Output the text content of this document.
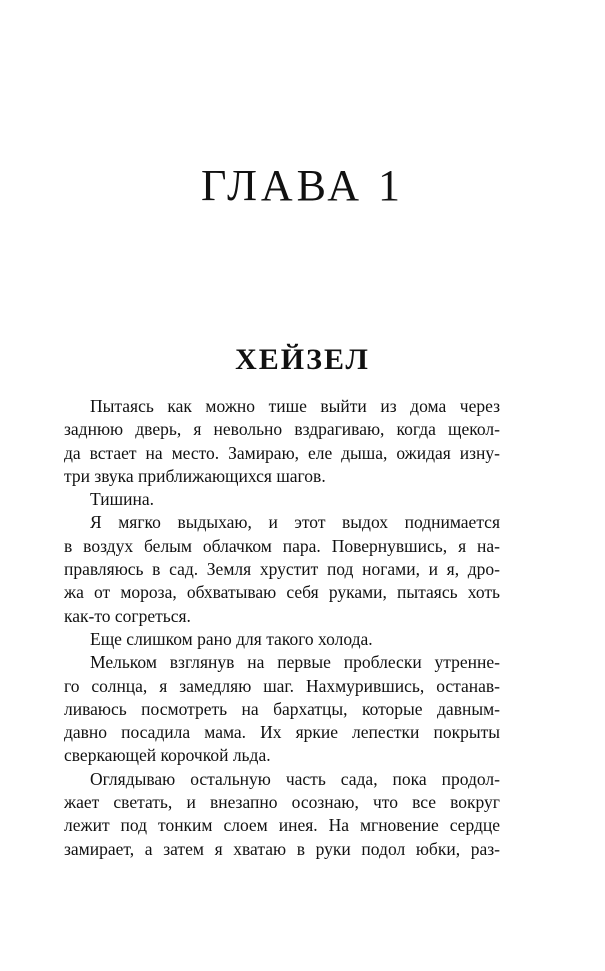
ГЛАВА 1
ХЕЙЗЕЛ

Пытаясь как можно тише выйти из дома через
заднюю дверь, я невольно вздрагиваю, когда щекол-
да встает на место. Замираю, еле дыша, ожидая изну-
три звука приближающихся шагов.

Тишина.

Я мягко выдыхаю, и этот выдох поднимается
в воздух белым облачком пара. Повернувшись, я на-
правляюсь в сад. Земля хрустит под ногами, и я, дро-
жа от мороза, обхватываю себя руками, пытаясь хоть
как-то согреться.

Еще слишком рано для такого холода.

Мельком взглянув на первые проблески утренне-
го солнца, я замедляю шаг. Нахмурившись, останав-
ливаюсь посмотреть на бархатцы, которые давным-
давно посадила мама. Их яркие лепестки покрыты
сверкающей корочкой льда.

Оглядываю остальную часть сада, пока продол-
жает светать, и внезапно осознаю, что все вокруг
лежит под тонким слоем инея. На мгновение сердце
замирает, а затем я хватаю в руки подол юбки, раз-
